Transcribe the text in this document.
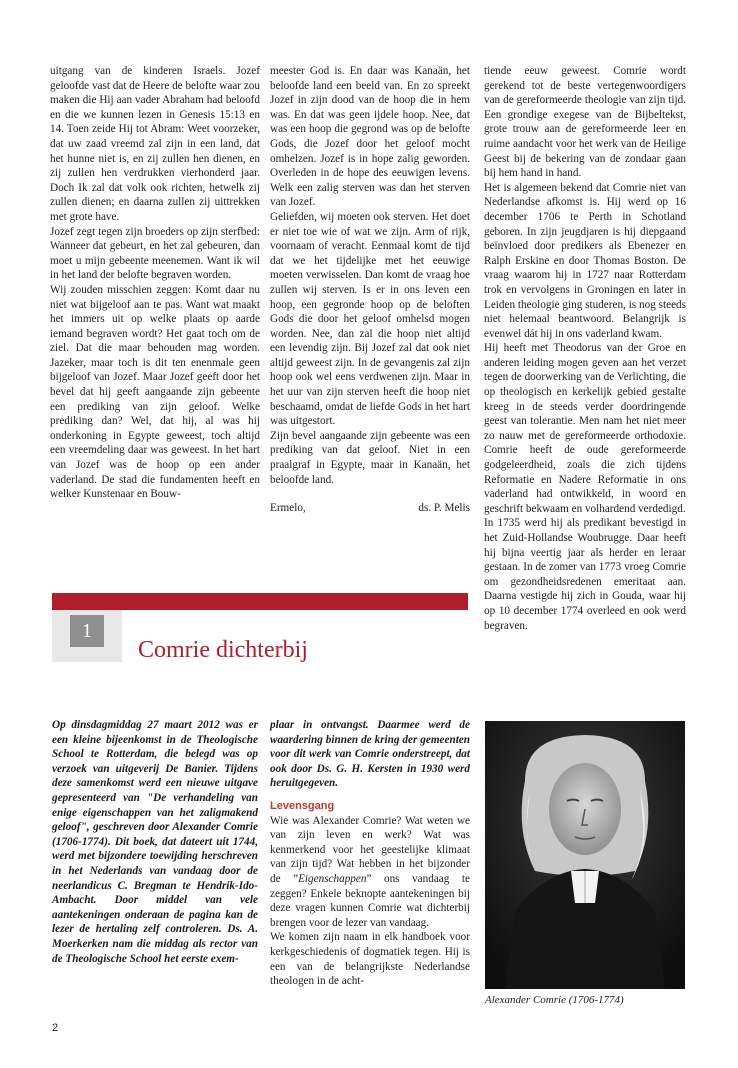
uitgang van de kinderen Israels. Jozef geloofde vast dat de Heere de belofte waar zou maken die Hij aan vader Abraham had beloofd en die we kunnen lezen in Genesis 15:13 en 14. Toen zeide Hij tot Abram: Weet voorzeker, dat uw zaad vreemd zal zijn in een land, dat het hunne niet is, en zij zullen hen dienen, en zij zullen hen verdrukken vierhonderd jaar. Doch Ik zal dat volk ook richten, hetwelk zij zullen dienen; en daarna zullen zij uittrekken met grote have.

Jozef zegt tegen zijn broeders op zijn sterfbed: Wanneer dat gebeurt, en het zal gebeuren, dan moet u mijn gebeente meenemen. Want ik wil in het land der belofte begraven worden.

Wij zouden misschien zeggen: Komt daar nu niet wat bijgeloof aan te pas. Want wat maakt het immers uit op welke plaats op aarde iemand begraven wordt? Het gaat toch om de ziel. Dat die maar behouden mag worden. Jazeker, maar toch is dit ten enenmale geen bijgeloof van Jozef. Maar Jozef geeft door het bevel dat hij geeft aangaande zijn gebeente een prediking van zijn geloof. Welke prediking dan? Wel, dat hij, al was hij onderkoning in Egypte geweest, toch altijd een vreemdeling daar was geweest. In het hart van Jozef was de hoop op een ander vaderland. De stad die fundamenten heeft en welker Kunstenaar en Bouw-

meester God is. En daar was Kanaän, het beloofde land een beeld van. En zo spreekt Jozef in zijn dood van de hoop die in hem was. En dat was geen ijdele hoop. Nee, dat was een hoop die gegrond was op de belofte Gods, die Jozef door het geloof mocht omhelzen. Jozef is in hope zalig geworden. Overleden in de hope des eeuwigen levens. Welk een zalig sterven was dan het sterven van Jozef.

Geliefden, wij moeten ook sterven. Het doet er niet toe wie of wat we zijn. Arm of rijk, voornaam of veracht. Eenmaal komt de tijd dat we het tijdelijke met het eeuwige moeten verwisselen. Dan komt de vraag hoe zullen wij sterven. Is er in ons leven een hoop, een gegronde hoop op de beloften Gods die door het geloof omhelsd mogen worden. Nee, dan zal die hoop niet altijd een levendig zijn. Bij Jozef zal dat ook niet altijd geweest zijn. In de gevangenis zal zijn hoop ook wel eens verdwenen zijn. Maar in het uur van zijn sterven heeft die hoop niet beschaamd, omdat de liefde Gods in het hart was uitgestort.

Zijn bevel aangaande zijn gebeente was een prediking van dat geloof. Niet in een praalgraf in Egypte, maar in Kanaän, het beloofde land.

Ermelo,	ds. P. Melis

tiende eeuw geweest. Comrie wordt gerekend tot de beste vertegenwoordigers van de gereformeerde theologie van zijn tijd. Een grondige exegese van de Bijbeltekst, grote trouw aan de gereformeerde leer en ruime aandacht voor het werk van de Heilige Geest bij de bekering van de zondaar gaan bij hem hand in hand.

Het is algemeen bekend dat Comrie niet van Nederlandse afkomst is. Hij werd op 16 december 1706 te Perth in Schotland geboren. In zijn jeugdjaren is hij diepgaand beïnvloed door predikers als Ebenezer en Ralph Erskine en door Thomas Boston. De vraag waarom hij in 1727 naar Rotterdam trok en vervolgens in Groningen en later in Leiden theologie ging studeren, is nog steeds niet helemaal beantwoord. Belangrijk is evenwel dát hij in ons vaderland kwam.

Hij heeft met Theodorus van der Groe en anderen leiding mogen geven aan het verzet tegen de doorwerking van de Verlichting, die op theologisch en kerkelijk gebied gestalte kreeg in de steeds verder doordringende geest van tolerantie. Men nam het niet meer zo nauw met de gereformeerde orthodoxie. Comrie heeft de oude gereformeerde godgeleerdheid, zoals die zich tijdens Reformatie en Nadere Reformatie in ons vaderland had ontwikkeld, in woord en geschrift bekwaam en volhardend verdedigd.

In 1735 werd hij als predikant bevestigd in het Zuid-Hollandse Woubrugge. Daar heeft hij bijna veertig jaar als herder en leraar gestaan. In de zomer van 1773 vroeg Comrie om gezondheidsredenen emeritaat aan. Daarna vestigde hij zich in Gouda, waar hij op 10 december 1774 overleed en ook werd begraven.

1
Comrie dichterbij

Op dinsdagmiddag 27 maart 2012 was er een kleine bijeenkomst in de Theologische School te Rotterdam, die belegd was op verzoek van uitgeverij De Banier. Tijdens deze samenkomst werd een nieuwe uitgave gepresenteerd van "De verhandeling van enige eigenschappen van het zaligmakend geloof", geschreven door Alexander Comrie (1706-1774). Dit boek, dat dateert uit 1744, werd met bijzondere toewijding herschreven in het Nederlands van vandaag door de neerlandicus C. Bregman te Hendrik-Ido-Ambacht. Door middel van vele aantekeningen onderaan de pagina kan de lezer de hertaling zelf controleren. Ds. A. Moerkerken nam die middag als rector van de Theologische School het eerste exem-

plaar in ontvangst. Daarmee werd de waardering binnen de kring der gemeenten voor dit werk van Comrie onderstreept, dat ook door Ds. G. H. Kersten in 1930 werd heruitgegeven.

Levensgang

Wie was Alexander Comrie? Wat weten we van zijn leven en werk? Wat was kenmerkend voor het geestelijke klimaat van zijn tijd? Wat hebben in het bijzonder de ”Eigenschappen” ons vandaag te zeggen? Enkele beknopte aantekeningen bij deze vragen kunnen Comrie wat dichterbij brengen voor de lezer van vandaag.

We komen zijn naam in elk handboek voor kerkgeschiedenis of dogmatiek tegen. Hij is een van de belangrijkste Nederlandse theologen in de acht-

Alexander Comrie (1706-1774)

2
